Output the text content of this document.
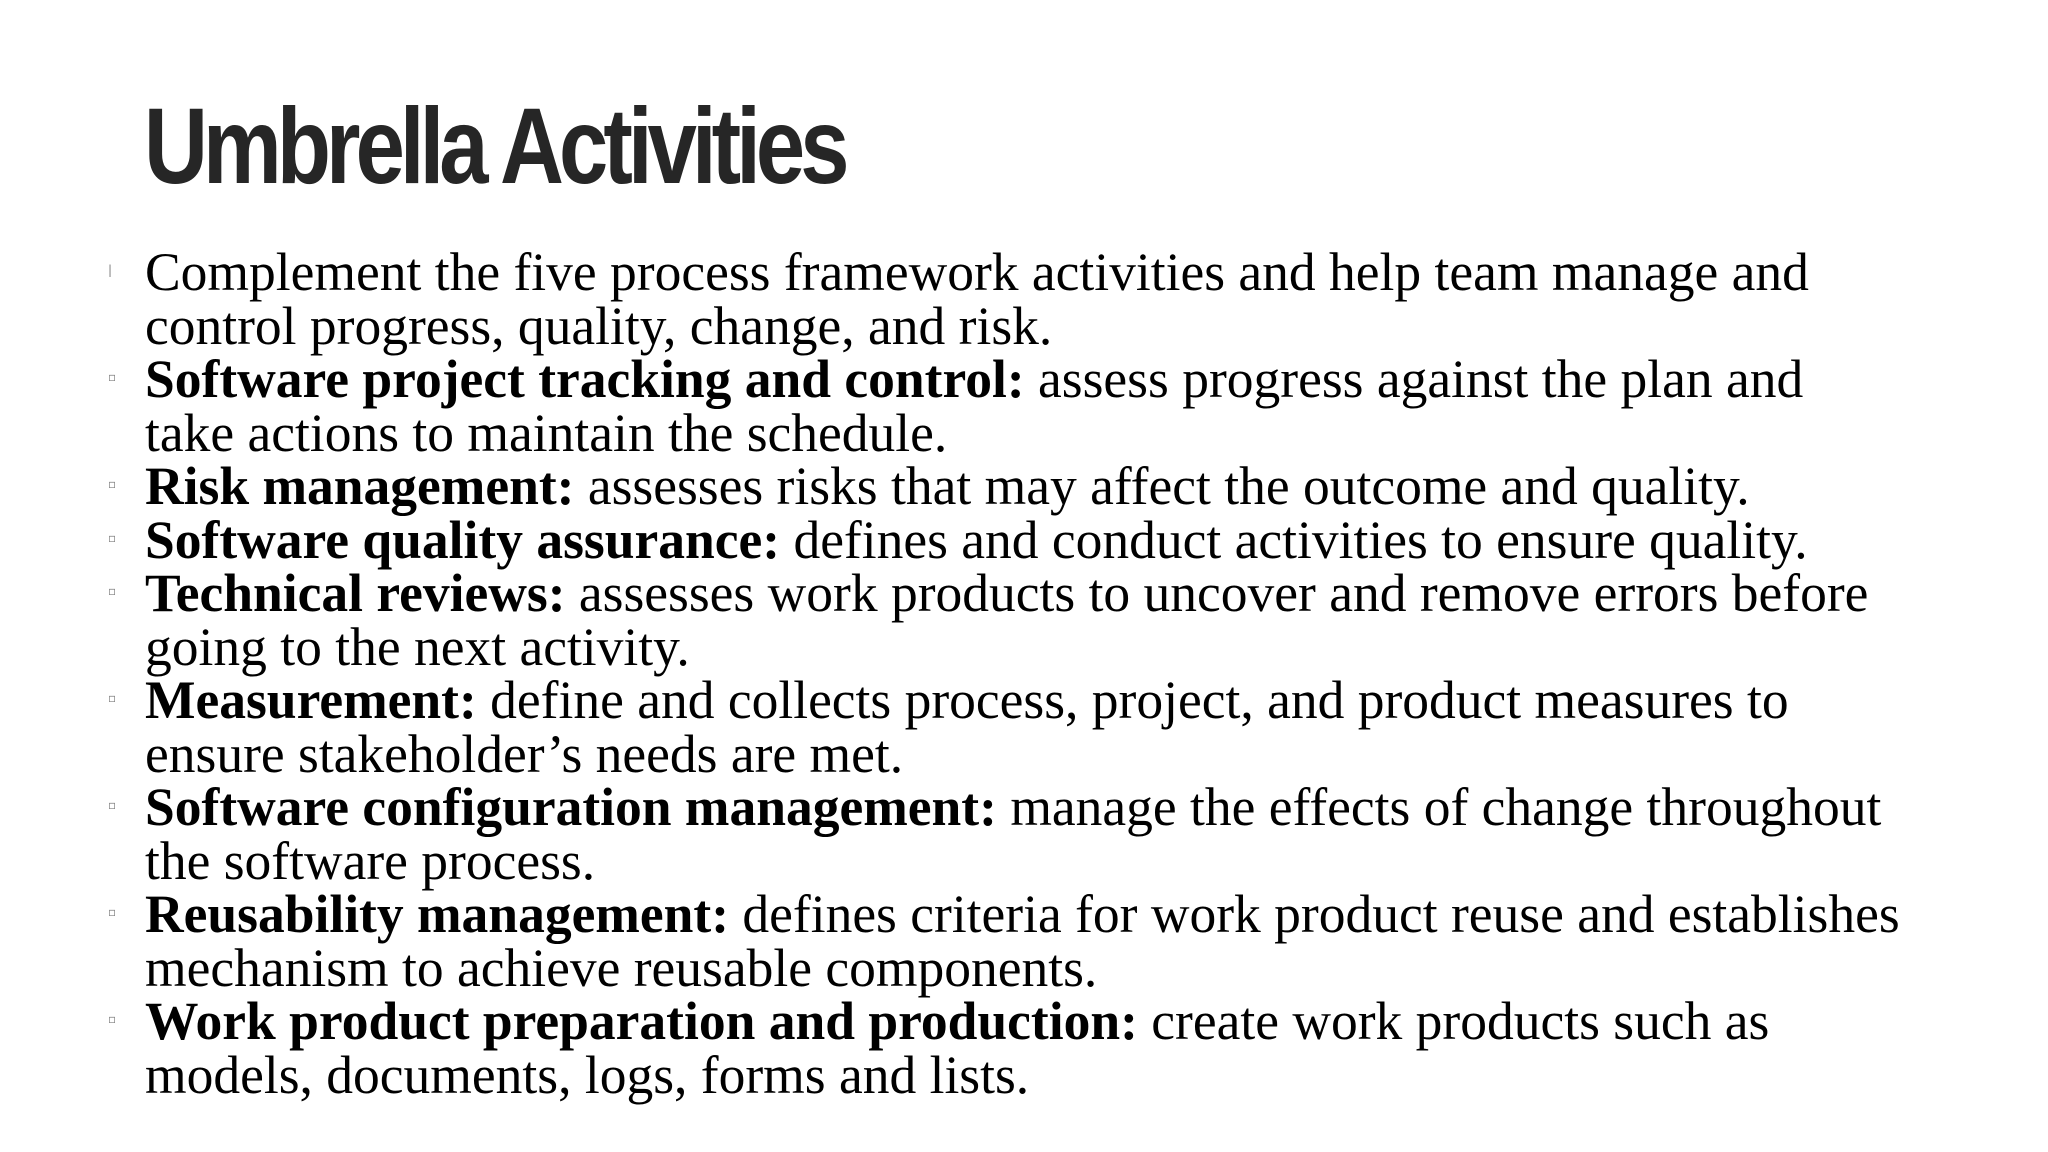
Umbrella Activities
| Complement the five process framework activities and help team manage and
control progress, quality, change, and risk.
▫ Software project tracking and control: assess progress against the plan and
take actions to maintain the schedule.
▫ Risk management: assesses risks that may affect the outcome and quality.
▫ Software quality assurance: defines and conduct activities to ensure quality.
▫ Technical reviews: assesses work products to uncover and remove errors before
going to the next activity.
▫ Measurement: define and collects process, project, and product measures to
ensure stakeholder’s needs are met.
▫ Software configuration management: manage the effects of change throughout
the software process.
▫ Reusability management: defines criteria for work product reuse and establishes
mechanism to achieve reusable components.
▫ Work product preparation and production: create work products such as
models, documents, logs, forms and lists.
